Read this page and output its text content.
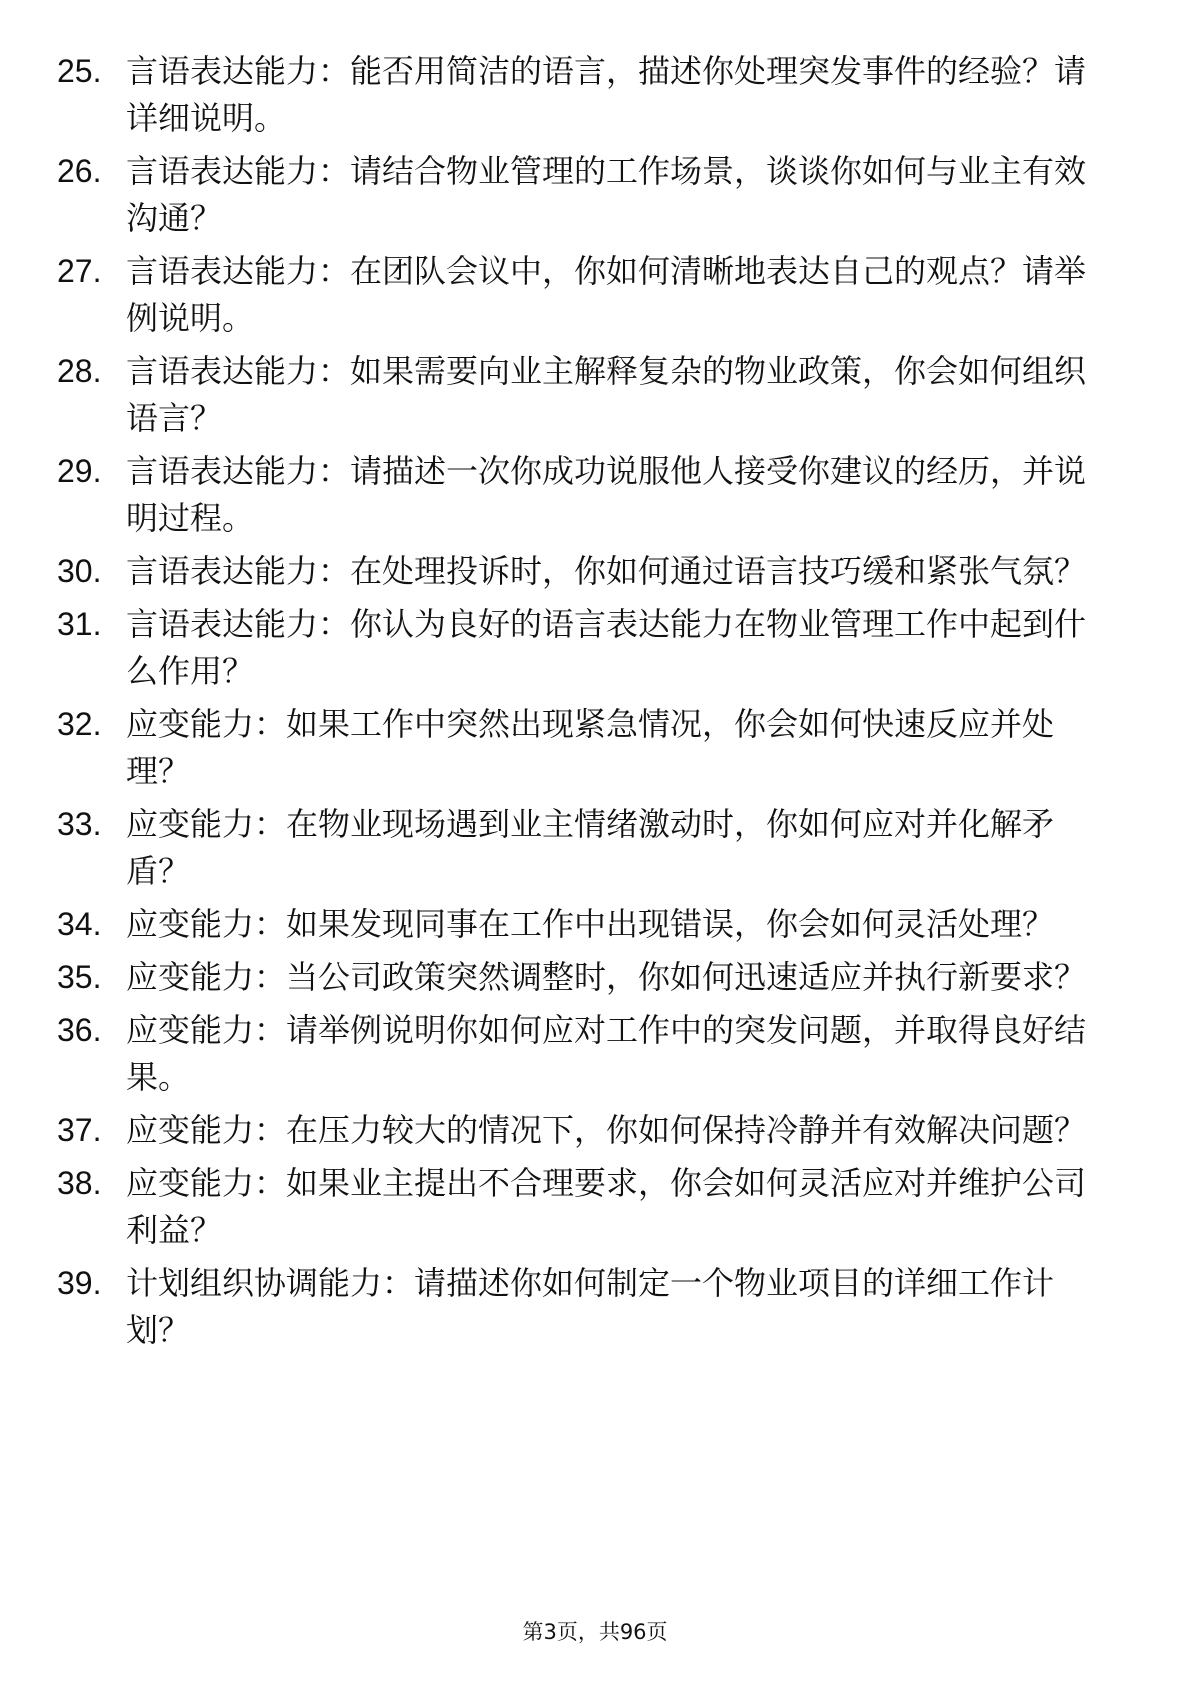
25. 言语表达能力：能否用简洁的语言，描述你处理突发事件的经验？请详细说明。
26. 言语表达能力：请结合物业管理的工作场景，谈谈你如何与业主有效沟通？
27. 言语表达能力：在团队会议中，你如何清晰地表达自己的观点？请举例说明。
28. 言语表达能力：如果需要向业主解释复杂的物业政策，你会如何组织语言？
29. 言语表达能力：请描述一次你成功说服他人接受你建议的经历，并说明过程。
30. 言语表达能力：在处理投诉时，你如何通过语言技巧缓和紧张气氛？
31. 言语表达能力：你认为良好的语言表达能力在物业管理工作中起到什么作用？
32. 应变能力：如果工作中突然出现紧急情况，你会如何快速反应并处理？
33. 应变能力：在物业现场遇到业主情绪激动时，你如何应对并化解矛盾？
34. 应变能力：如果发现同事在工作中出现错误，你会如何灵活处理？
35. 应变能力：当公司政策突然调整时，你如何迅速适应并执行新要求？
36. 应变能力：请举例说明你如何应对工作中的突发问题，并取得良好结果。
37. 应变能力：在压力较大的情况下，你如何保持冷静并有效解决问题？
38. 应变能力：如果业主提出不合理要求，你会如何灵活应对并维护公司利益？
39. 计划组织协调能力：请描述你如何制定一个物业项目的详细工作计划？
第3页，共96页
